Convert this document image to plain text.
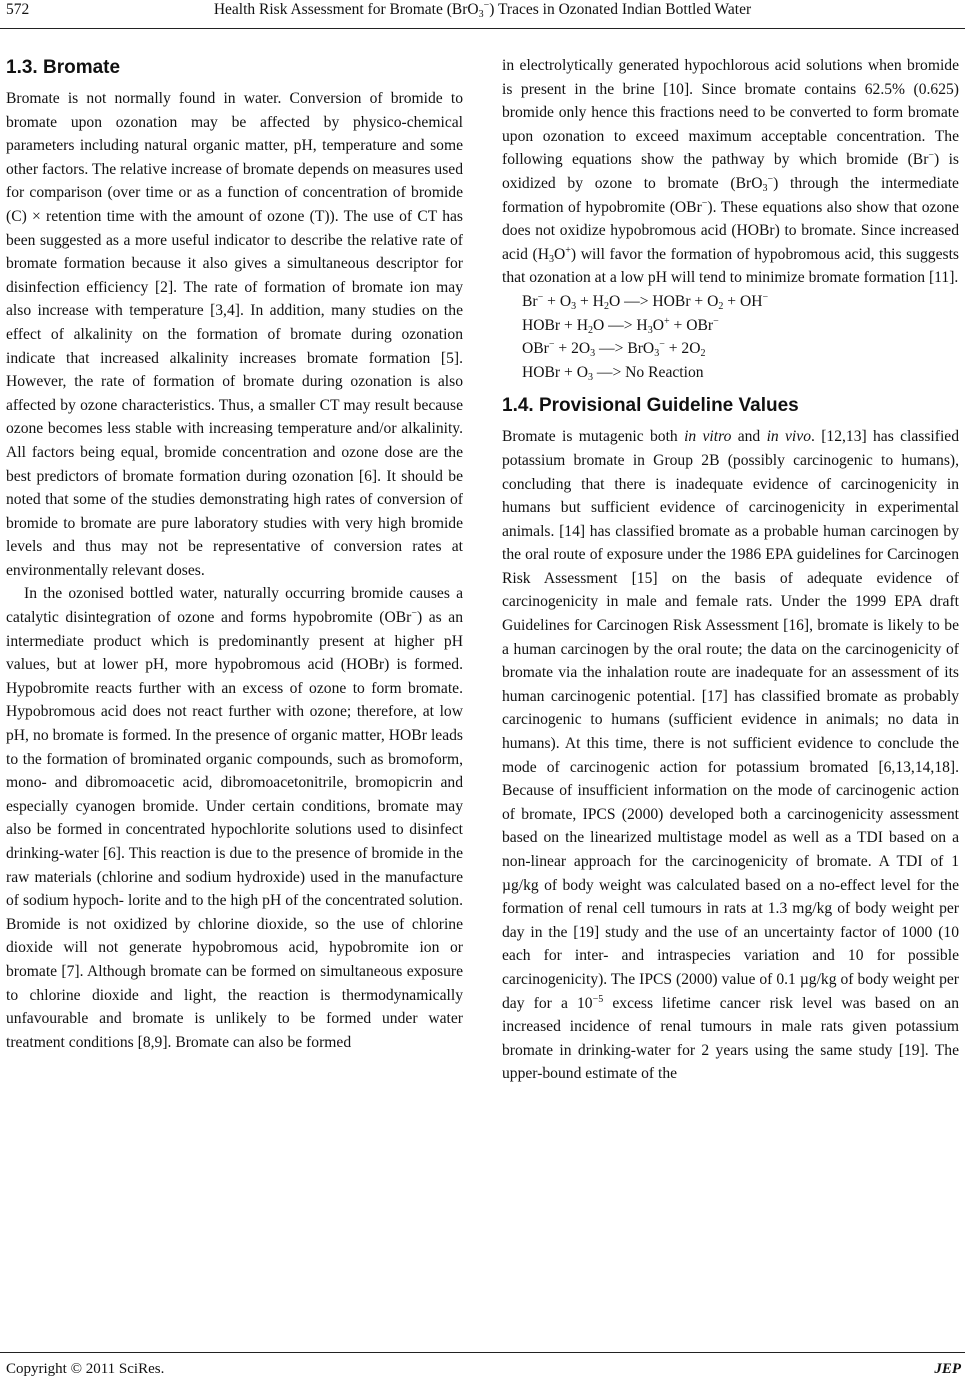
572	Health Risk Assessment for Bromate (BrO$_3$−) Traces in Ozonated Indian Bottled Water
1.3. Bromate

Bromate is not normally found in water. Conversion of bromide to bromate upon ozonation may be affected by physico-chemical parameters including natural organic matter, pH, temperature and some other factors. The relative increase of bromate depends on measures used for comparison (over time or as a function of concentration of bromide (C) × retention time with the amount of ozone (T)). The use of CT has been suggested as a more useful indicator to describe the relative rate of bromate formation because it also gives a simultaneous descriptor for disinfection efficiency [2]. The rate of formation of bromate ion may also increase with temperature [3,4]. In addition, many studies on the effect of alkalinity on the formation of bromate during ozonation indicate that increased alkalinity increases bromate formation [5]. However, the rate of formation of bromate during ozonation is also affected by ozone characteristics. Thus, a smaller CT may result because ozone becomes less stable with increasing temperature and/or alkalinity. All factors being equal, bromide concentration and ozone dose are the best predictors of bromate formation during ozonation [6]. It should be noted that some of the studies demonstrating high rates of conversion of bromide to bromate are pure laboratory studies with very high bromide levels and thus may not be representative of conversion rates at environmentally relevant doses.

In the ozonised bottled water, naturally occurring bromide causes a catalytic disintegration of ozone and forms hypobromite (OBr−) as an intermediate product which is predominantly present at higher pH values, but at lower pH, more hypobromous acid (HOBr) is formed. Hypobromite reacts further with an excess of ozone to form bromate. Hypobromous acid does not react further with ozone; therefore, at low pH, no bromate is formed. In the presence of organic matter, HOBr leads to the formation of brominated organic compounds, such as bromoform, mono- and dibromoacetic acid, dibromoacetonitrile, bromopicrin and especially cyanogen bromide. Under certain conditions, bromate may also be formed in concentrated hypochlorite solutions used to disinfect drinking-water [6]. This reaction is due to the presence of bromide in the raw materials (chlorine and sodium hydroxide) used in the manufacture of sodium hypoch- lorite and to the high pH of the concentrated solution. Bromide is not oxidized by chlorine dioxide, so the use of chlorine dioxide will not generate hypobromous acid, hypobromite ion or bromate [7]. Although bromate can be formed on simultaneous exposure to chlorine dioxide and light, the reaction is thermodynamically unfavourable and bromate is unlikely to be formed under water treatment conditions [8,9]. Bromate can also be formed

in electrolytically generated hypochlorous acid solutions when bromide is present in the brine [10]. Since bromate contains 62.5% (0.625) bromide only hence this fractions need to be converted to form bromate upon ozonation to exceed maximum acceptable concentration. The following equations show the pathway by which bromide (Br−) is oxidized by ozone to bromate (BrO$_3$−) through the intermediate formation of hypobromite (OBr−). These equations also show that ozone does not oxidize hypobromous acid (HOBr) to bromate. Since increased acid $(H_3O^+)$ will favor the formation of hypobromous acid, this suggests that ozonation at a low pH will tend to minimize bromate formation [11].

$Br^- + O_3 + H_2O$ —> HOBr + $O_2 + OH^-$

HOBr + $H_2O$ —> $H_3O^+ + OBr^-$

$OBr^- + 2O_3$ —> $BrO_3^- + 2O_2$

HOBr + $O_3$ —> No Reaction

1.4. Provisional Guideline Values

Bromate is mutagenic both in vitro and in vivo. [12,13] has classified potassium bromate in Group 2B (possibly carcinogenic to humans), concluding that there is inadequate evidence of carcinogenicity in humans but sufficient evidence of carcinogenicity in experimental animals. [14] has classified bromate as a probable human carcinogen by the oral route of exposure under the 1986 EPA guidelines for Carcinogen Risk Assessment [15] on the basis of adequate evidence of carcinogenicity in male and female rats. Under the 1999 EPA draft Guidelines for Carcinogen Risk Assessment [16], bromate is likely to be a human carcinogen by the oral route; the data on the carcinogenicity of bromate via the inhalation route are inadequate for an assessment of its human carcinogenic potential. [17] has classified bromate as probably carcinogenic to humans (sufficient evidence in animals; no data in humans). At this time, there is not sufficient evidence to conclude the mode of carcinogenic action for potassium bromated [6,13,14,18]. Because of insufficient information on the mode of carcinogenic action of bromate, IPCS (2000) developed both a carcinogenicity assessment based on the linearized multistage model as well as a TDI based on a non-linear approach for the carcinogenicity of bromate. A TDI of 1 µg/kg of body weight was calculated based on a no-effect level for the formation of renal cell tumours in rats at 1.3 mg/kg of body weight per day in the [19] study and the use of an uncertainty factor of 1000 (10 each for inter- and intraspecies variation and 10 for possible carcinogenicity). The IPCS (2000) value of 0.1 µg/kg of body weight per day for a $10^{-5}$ excess lifetime cancer risk level was based on an increased incidence of renal tumours in male rats given potassium bromate in drinking-water for 2 years using the same study [19]. The upper-bound estimate of the

Copyright © 2011 SciRes.	JEP
